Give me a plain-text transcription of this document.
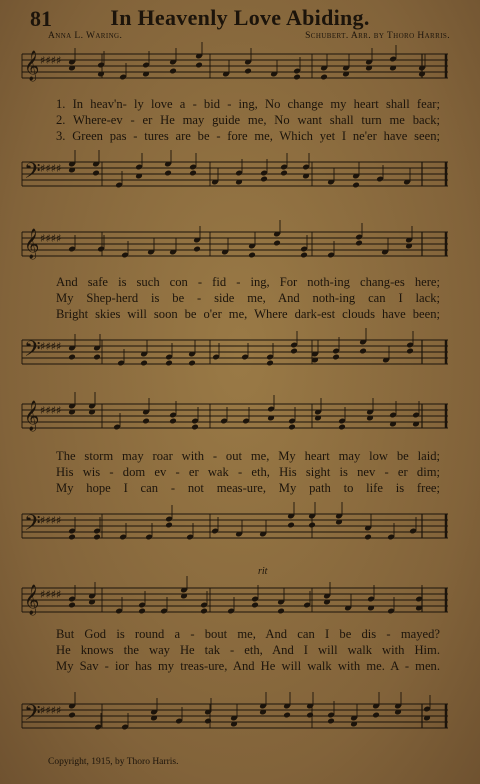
81	In Heavenly Love Abiding.
Anna L. Waring.	Schubert. Arr. by Thoro Harris.
𝄞 ♯♯♯♯
1. In heav'n- ly love a - bid - ing, No change my heart shall fear;
2. Where-ev - er He may guide me, No want shall turn me back;
3. Green pas - tures are be - fore me, Which yet I ne'er have seen;
𝄢 ♯♯♯♯
𝄞 ♯♯♯♯
And safe is such con - fid - ing, For noth-ing chang-es here;
My Shep-herd is be - side me, And noth-ing can I lack;
Bright skies will soon be o'er me, Where dark-est clouds have been;
𝄢 ♯♯♯♯
𝄞 ♯♯♯♯
The storm may roar with - out me, My heart may low be laid;
His wis - dom ev - er wak - eth, His sight is nev - er dim;
My hope I can - not meas-ure, My path to life is free;
𝄢 ♯♯♯♯
rit
𝄞 ♯♯♯♯
But God is round a - bout me, And can I be dis - mayed?
He knows the way He tak - eth, And I will walk with Him.
My Sav - ior has my treas-ure, And He will walk with me. A - men.
𝄢 ♯♯♯♯
Copyright, 1915, by Thoro Harris.
